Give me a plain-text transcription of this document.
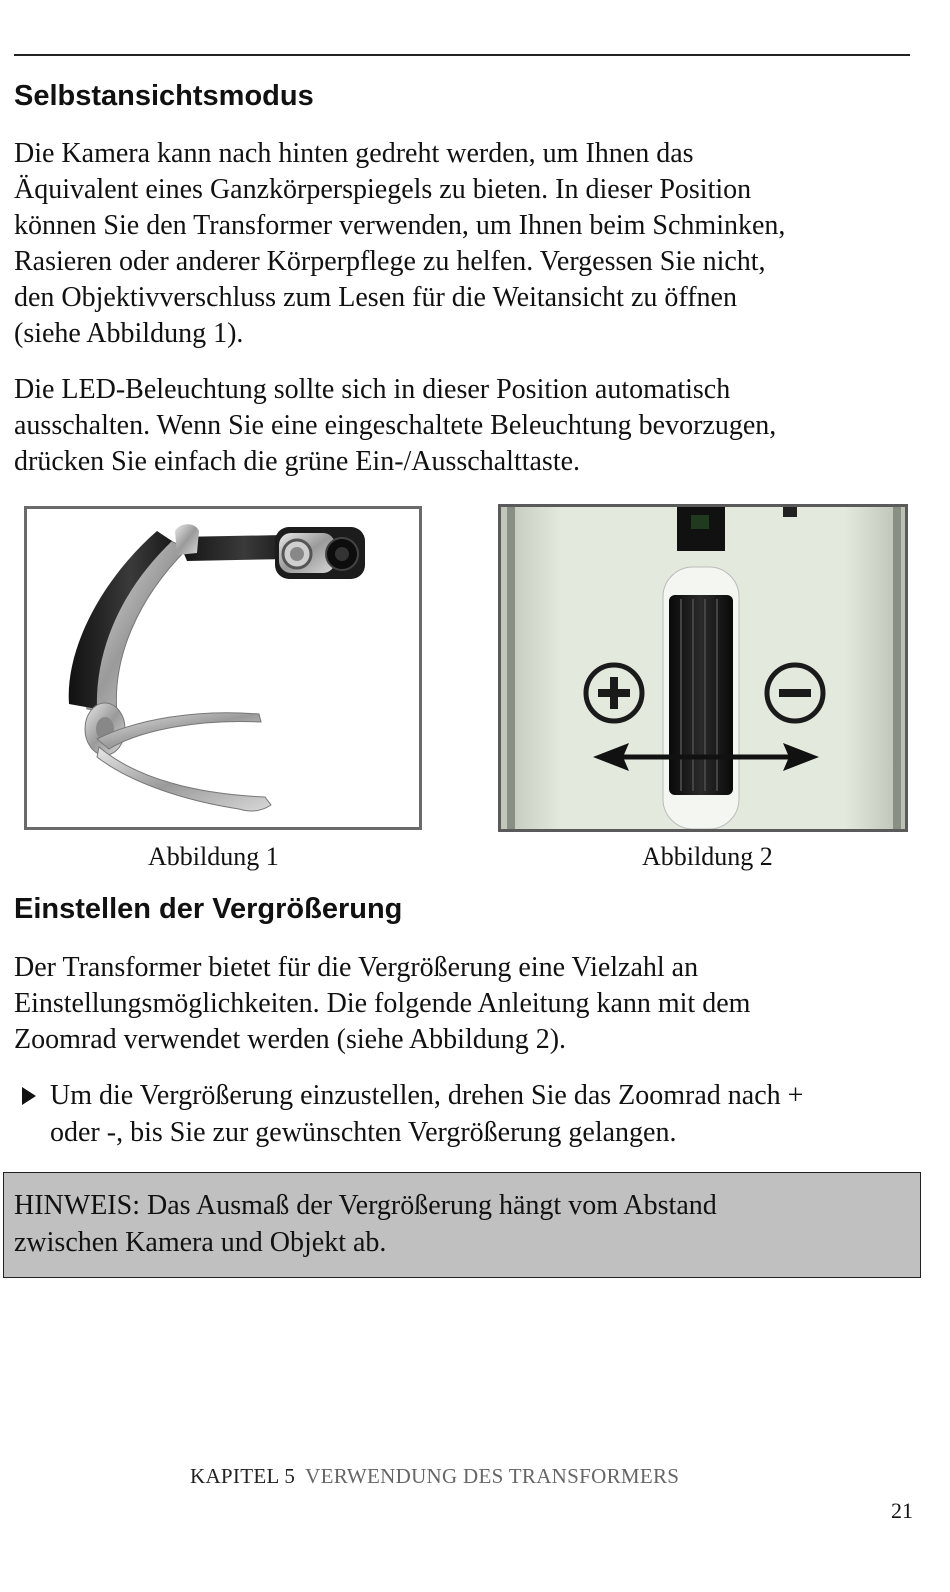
Selbstansichtsmodus

Die Kamera kann nach hinten gedreht werden, um Ihnen das
Äquivalent eines Ganzkörperspiegels zu bieten. In dieser Position
können Sie den Transformer verwenden, um Ihnen beim Schminken,
Rasieren oder anderer Körperpflege zu helfen. Vergessen Sie nicht,
den Objektivverschluss zum Lesen für die Weitansicht zu öffnen
(siehe Abbildung 1).

Die LED-Beleuchtung sollte sich in dieser Position automatisch
ausschalten. Wenn Sie eine eingeschaltete Beleuchtung bevorzugen,
drücken Sie einfach die grüne Ein-/Ausschalttaste.

Abbildung 1	Abbildung 2
Einstellen der Vergrößerung

Der Transformer bietet für die Vergrößerung eine Vielzahl an
Einstellungsmöglichkeiten. Die folgende Anleitung kann mit dem
Zoomrad verwendet werden (siehe Abbildung 2).

Um die Vergrößerung einzustellen, drehen Sie das Zoomrad nach +
oder -, bis Sie zur gewünschten Vergrößerung gelangen.

HINWEIS: Das Ausmaß der Vergrößerung hängt vom Abstand
zwischen Kamera und Objekt ab.

KAPITEL 5 VERWENDUNG DES TRANSFORMERS
21
